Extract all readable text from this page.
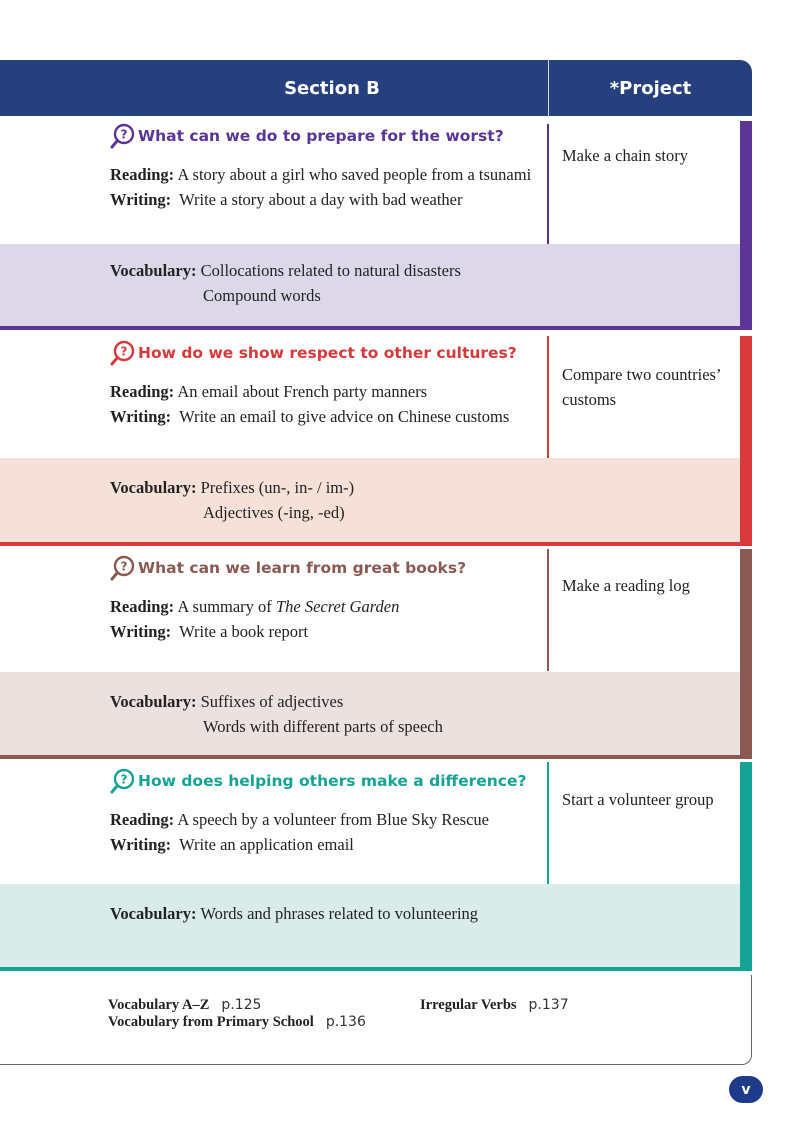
Section B	*Project
? What can we do to prepare for the worst?
Reading: A story about a girl who saved people from a tsunami
Writing: Write a story about a day with bad weather
Make a chain story
Vocabulary: Collocations related to natural disasters
Compound words
? How do we show respect to other cultures?
Reading: An email about French party manners
Writing: Write an email to give advice on Chinese customs
Compare two countries’ customs
Vocabulary: Prefixes (un-, in- / im-)
Adjectives (-ing, -ed)
? What can we learn from great books?
Reading: A summary of The Secret Garden
Writing: Write a book report
Make a reading log
Vocabulary: Suffixes of adjectives
Words with different parts of speech
? How does helping others make a difference?
Reading: A speech by a volunteer from Blue Sky Rescue
Writing: Write an application email
Start a volunteer group
Vocabulary: Words and phrases related to volunteering
Vocabulary A–Z p.125
Vocabulary from Primary School p.136
Irregular Verbs p.137
v
